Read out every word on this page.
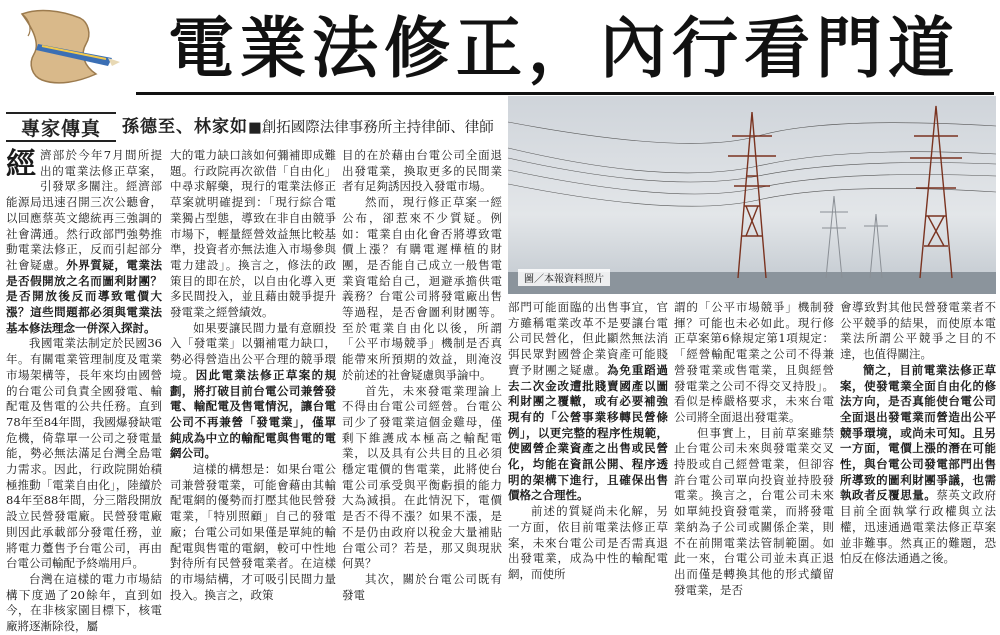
電業法修正，內行看門道
專家傳真	孫德至、林家如■創拓國際法律事務所主持律師、律師
圖／本報資料照片

經濟部於今年7月間所提出的電業法修正草案，引發眾多關注。經濟部能源局迅速召開三次公聽會，以回應蔡英文總統再三強調的社會溝通。然行政部門強勢推動電業法修正，反而引起部分社會疑慮。外界質疑，電業法是否假開放之名而圖利財團？是否開放後反而導致電價大漲？這些問題都必須與電業法基本修法理念一併深入探討。

我國電業法制定於民國36年。有關電業管理制度及電業市場架構等，長年來均由國營的台電公司負責全國發電、輸配電及售電的公共任務。直到78年至84年間，我國爆發缺電危機，倚靠單一公司之發電量能，勢必無法滿足台灣全島電力需求。因此，行政院開始積極推動「電業自由化」，陸續於84年至88年間，分三階段開放設立民營發電廠。民營發電廠則因此承載部分發電任務，並將電力躉售予台電公司，再由台電公司輸配予終端用戶。

台灣在這樣的電力市場結構下度過了20餘年，直到如今，在非核家園目標下，核電廠將逐漸除役，屬

大的電力缺口該如何彌補即成難題。行政院再次欲借「自由化」中尋求解藥，現行的電業法修正草案就明確提到：「現行綜合電業獨占型態，導致在非自由競爭市場下，輕量經營效益無比較基準，投資者亦無法進入市場參與電力建設」。換言之，修法的政策目的即在於，以自由化導入更多民間投入，並且藉由競爭提升發電業之經營績效。

如果要讓民間力量有意願投入「發電業」以彌補電力缺口，勢必得營造出公平合理的競爭環境。因此電業法修正草案的規劃，將打破目前台電公司兼營發電、輸配電及售電情況，讓台電公司不再兼營「發電業」，僅單純成為中立的輸配電與售電的電網公司。

這樣的構想是：如果台電公司兼營發電業，可能會藉由其輸配電網的優勢而打壓其他民營發電業，「特別照顧」自己的發電廠；台電公司如果僅是單純的輸配電與售電的電網，較可中性地對待所有民營發電業者。在這樣的市場結構，才可吸引民間力量投入。換言之，政策

目的在於藉由台電公司全面退出發電業，換取更多的民間業者有足夠誘因投入發電市場。

然而，現行修正草案一經公布，卻惹來不少質疑。例如：電業自由化會否將導致電價上漲？有購電遲樺植的財團，是否能自己成立一般售電業資電給自己，迴避承擔供電義務？台電公司將發電廠出售等過程，是否會圖利財團等。至於電業自由化以後，所謂「公平市場競爭」機制是否真能帶來所預期的效益，則淹沒於前述的社會疑慮與爭論中。

首先，未來發電業理論上不得由台電公司經營。台電公司少了發電業這個金雞母，僅剩下維護成本極高之輸配電業，以及具有公共目的且必須穩定電價的售電業，此將使台電公司承受與平衡虧損的能力大為減損。在此情況下，電價是否不得不漲？如果不漲，是不是仍由政府以稅金大量補貼台電公司？若是，那又與現狀何異？

其次，關於台電公司既有發電

部門可能面臨的出售事宜，官方雖稱電業改革不是要讓台電公司民營化，但此顯然無法消弭民眾對國營企業資產可能賤賣予財團之疑慮。為免重蹈過去二次金改遭批賤賣國產以圖利財團之覆轍，或有必要補強現有的「公營事業移轉民營條例」，以更完整的程序性規範，使國營企業資產之出售或民營化，均能在資訊公開、程序透明的架構下進行，且確保出售價格之合理性。

前述的質疑尚未化解，另一方面，依目前電業法修正草案，未來台電公司是否需真退出發電業，成為中性的輸配電網，而使所

謂的「公平市場競爭」機制發揮？可能也未必如此。現行修正草案第6條規定第1項規定：「經營輸配電業之公司不得兼營發電業或售電業，且與經營發電業之公司不得交叉持股」。看似是棒嚴格要求，未來台電公司將全面退出發電業。

但事實上，目前草案雖禁止台電公司未來與發電業交叉持股或自己經營電業，但卻容許台電公司單向投資並持股發電業。換言之，台電公司未來如單純投資發電業，而將發電業納為子公司或關係企業，則不在前開電業法管制範圍。如此一來，台電公司並未真正退出而僅是轉換其他的形式續留發電業，是否

會導致對其他民營發電業者不公平競爭的結果，而使原本電業法所謂公平競爭之目的不達，也值得關注。

簡之，目前電業法修正草案，使發電業全面自由化的修法方向，是否真能使台電公司全面退出發電業而營造出公平競爭環境，或尚未可知。且另一方面，電價上漲的潛在可能性，與台電公司發電部門出售所導致的圖利財團爭議，也需執政者反覆思量。蔡英文政府目前全面執掌行政權與立法權，迅速通過電業法修正草案並非難事。然真正的難題，恐怕反在修法通過之後。
